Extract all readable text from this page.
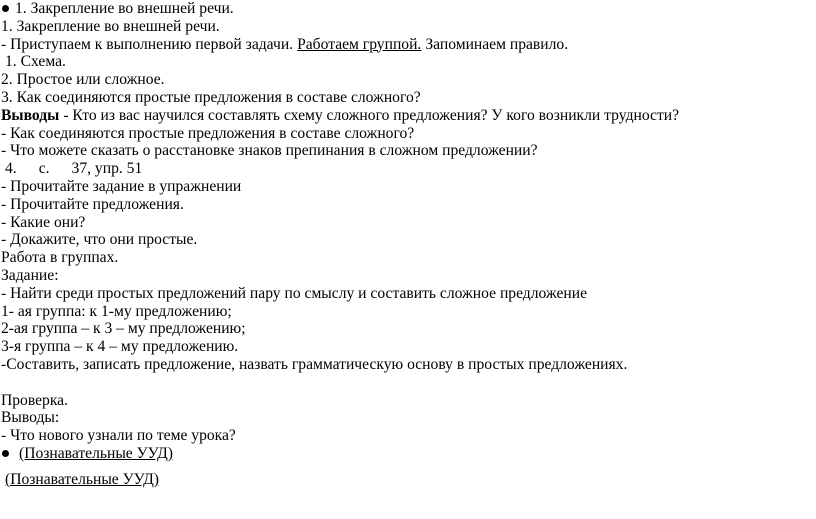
1. Закрепление во внешней речи.
1. Закрепление во внешней речи.
- Приступаем к выполнению первой задачи. Работаем группой. Запоминаем правило.
1. Схема.
2. Простое или сложное.
3. Как соединяются простые предложения в составе сложного?
Выводы - Кто из вас научился составлять схему сложного предложения? У кого возникли трудности?
- Как соединяются простые предложения в составе сложного?
- Что можете сказать о расстановке знаков препинания в сложном предложении?
4. с. 37, упр. 51
- Прочитайте задание в упражнении
- Прочитайте предложения.
- Какие они?
- Докажите, что они простые.
Работа в группах.
Задание:
- Найти среди простых предложений пару по смыслу и составить сложное предложение
1- ая группа: к 1-му предложению;
2-ая группа – к 3 – му предложению;
3-я группа – к 4 – му предложению.
-Составить, записать предложение, назвать грамматическую основу в простых предложениях.
Проверка.
Выводы:
- Что нового узнали по теме урока?
(Познавательные УУД)
(Познавательные УУД)
